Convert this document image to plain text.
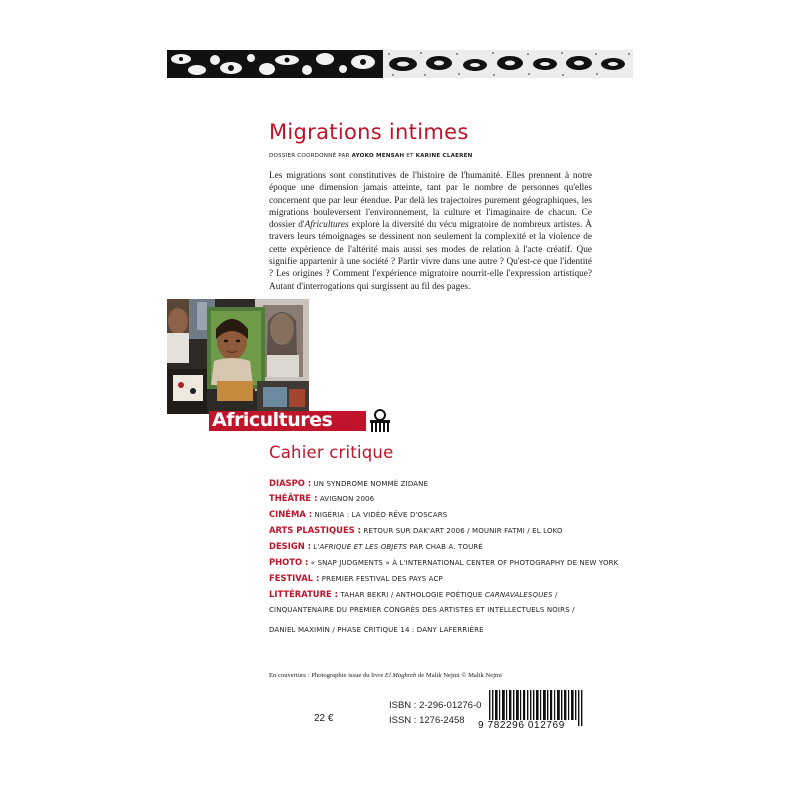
Migrations intimes
DOSSIER COORDONNÉ PAR AYOKO MENSAH ET KARINE CLAEREN

Les migrations sont constitutives de l'histoire de l'humanité. Elles prennent à notre époque une dimension jamais atteinte, tant par le nombre de personnes qu'elles concernent que par leur étendue. Par delà les trajectoires purement géographiques, les migrations bouleversent l'environnement, la culture et l'imaginaire de chacun. Ce dossier d'Africultures explore la diversité du vécu migratoire de nombreux artistes. À travers leurs témoignages se dessinent non seulement la complexité et la violence de cette expérience de l'altérité mais aussi ses modes de relation à l'acte créatif. Que signifie appartenir à une société ? Partir vivre dans une autre ? Qu'est-ce que l'identité ? Les origines ? Comment l'expérience migratoire nourrit-elle l'expression artistique? Autant d'interrogations qui surgissent au fil des pages.

Africultures
Cahier critique
DIASPO : UN SYNDROME NOMMÉ ZIDANE
THÉÂTRE : AVIGNON 2006
CINÉMA : NIGÉRIA : LA VIDÉO RÊVE D'OSCARS
ARTS PLASTIQUES : RETOUR SUR DAK'ART 2006 / MOUNIR FATMI / EL LOKO
DESIGN : L'AFRIQUE ET LES OBJETS PAR CHAB A. TOURÉ
PHOTO : « SNAP JUDGMENTS » À L'INTERNATIONAL CENTER OF PHOTOGRAPHY DE NEW YORK
FESTIVAL : PREMIER FESTIVAL DES PAYS ACP
LITTÉRATURE : TAHAR BEKRI / ANTHOLOGIE POÉTIQUE CARNAVALESQUES /
CINQUANTENAIRE DU PREMIER CONGRÈS DES ARTISTES ET INTELLECTUELS NOIRS /
DANIEL MAXIMIN / PHASE CRITIQUE 14 : DANY LAFERRIÈRE
En couverture : Photographie issue du livre El Maghreb de Malik Nejmi © Malik Nejmi
22 €
ISBN : 2-296-01276-0
ISSN : 1276-2458 9 782296 012769
